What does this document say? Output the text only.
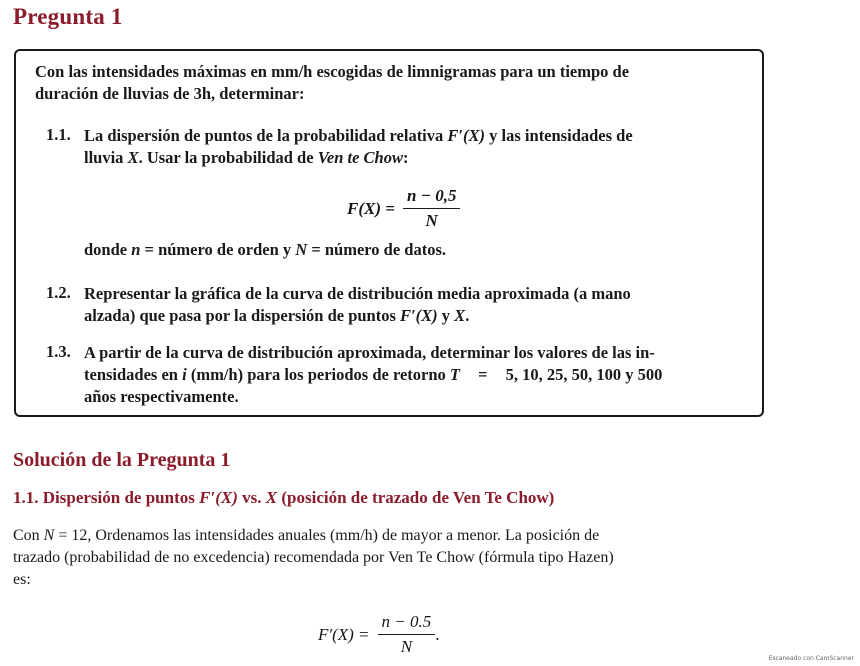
Pregunta 1
Con las intensidades máximas en mm/h escogidas de limnigramas para un tiempo de
duración de lluvias de 3h, determinar:
1.1. La dispersión de puntos de la probabilidad relativa F′(X) y las intensidades de
lluvia X. Usar la probabilidad de Ven te Chow:
$F(X) = \frac{n - 0,5}{N}$
donde n = número de orden y N = número de datos.
1.2. Representar la gráfica de la curva de distribución media aproximada (a mano
alzada) que pasa por la dispersión de puntos F′(X) y X.
1.3. A partir de la curva de distribución aproximada, determinar los valores de las in-
tensidades en i (mm/h) para los periodos de retorno T = 5, 10, 25, 50, 100 y 500
años respectivamente.
Solución de la Pregunta 1
1.1. Dispersión de puntos F′(X) vs. X (posición de trazado de Ven Te Chow)
Con N = 12, Ordenamos las intensidades anuales (mm/h) de mayor a menor. La posición de
trazado (probabilidad de no excedencia) recomendada por Ven Te Chow (fórmula tipo Hazen)
es:
$F'(X) = \frac{n - 0.5}{N}$ .
Escaneado con CamScanner
